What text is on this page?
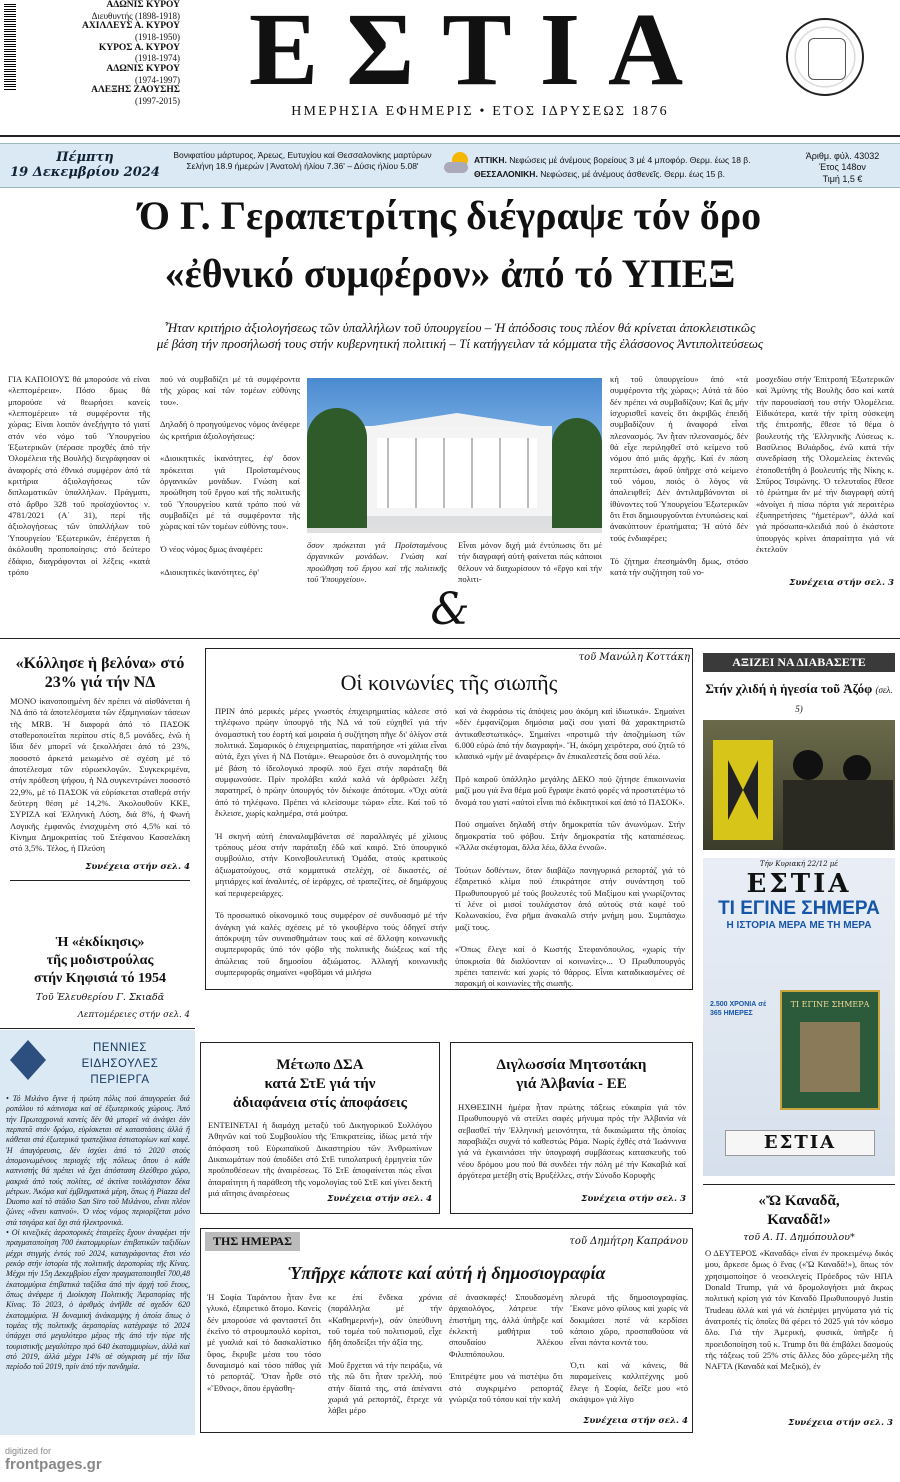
ΑΔΩΝΙΣ ΚΥΡΟΥ
Διευθυντής (1898-1918)
ΑΧΙΛΛΕΥΣ Α. ΚΥΡΟΥ
(1918-1950)
ΚΥΡΟΣ Α. ΚΥΡΟΥ
(1918-1974)
ΑΔΩΝΙΣ ΚΥΡΟΥ
(1974-1997)
ΑΛΕΞΗΣ ΖΑΟΥΣΗΣ
(1997-2015) ΕΣΤΙΑ
ΗΜΕΡΗΣΙΑ ΕΦΗΜΕΡΙΣ • ΕΤΟΣ ΙΔΡΥΣΕΩΣ 1876
Πέμπτη
19 Δεκεμβρίου 2024
Βονιφατίου μάρτυρος, Άρεως, Ευτυχίου καί Θεσσαλονίκης μαρτύρων
Σελήνη 18.9 ήμερών | Άνατολή ήλίου 7.36' – Δύσις ήλίου 5.08'
ΑΤΤΙΚΗ. Νεφώσεις μέ άνέμους βορείους 3 μέ 4 μποφόρ. Θερμ. έως 18 β.
ΘΕΣΣΑΛΟΝΙΚΗ. Νεφώσεις, μέ άνέμους άσθενεῖς. Θερμ. έως 15 β.
Άριθμ. φύλ. 43032
Έτος 148ον
Τιμή 1,5 €
Ό Γ. Γεραπετρίτης διέγραψε τόν ὅρο
«ἐθνικό συμφέρον» ἀπό τό ΥΠΕΞ
Ἦταν κριτήριο ἀξιολογήσεως τῶν ὑπαλλήλων τοῦ ὑπουργείου – Ἡ ἀπόδοσις τους πλέον θά κρίνεται ἀποκλειστικῶς
μέ βάση τήν προσήλωσή τους στήν κυβερνητική πολιτική – Τί κατήγγειλαν τά κόμματα τῆς ἐλάσσονος Ἀντιπολιτεύσεως
ΓΙΑ ΚΑΠΟΙΟΥΣ θά μπορούσε νά είναι «λεπτομέρεια». Πόσο δμως θά μπορούσε νά θεωρήσει κανείς «λεπτομέρεια» τά συμφέροντα τῆς χώρας; Είναι λοιπόν άνεξήγητο τό γιατί στόν νέο νόμο τοῦ Ὑπουργείου Ἐξωτερικῶν (πέρασε προχθές ἀπό τήν Ὀλομέλεια τῆς Βουλῆς) διεγράφησαν οἱ ἀναφορές στό έθνικό συμφέρον ἀπό τά κριτήρια ἀξιολογήσεως τῶν διπλωματικῶν ὑπαλλήλων. Πράγματι, στό ἄρθρο 328 τοῦ προϊσχύοντος ν. 4781/2021 (Α΄ 31), περί τῆς ἀξιολογήσεως τῶν ὑπαλλήλων τοῦ Ὑπουργείου Ἐξωτερικῶν, ἐπέργεται ἡ ἀκόλουθη προποποίησις: στό δεύτερο ἐδάφιο, διαγράφονται οἱ λέξεις «κατά τρόπο
πού νά συμβαδίζει μέ τά συμφέροντα τῆς χώρας καί τῶν τομέων εὐθύνης του».

Δηλαδή ὁ προηγούμενος νόμος ἀνέφερε ὡς κριτήρια ἀξιολογήσεως:

«Διοικητικές ἱκανότητες, ἐφ' ὅσον πρόκειται γιά Προϊσταμένους ὀργανικῶν μονάδων. Γνώση καί προώθηση τοῦ ἔργου καί τῆς πολιτικῆς τοῦ Ὑπουργείου κατά τρόπο πού νά συμβαδίζει μέ τά συμφέροντα τῆς χώρας καί τῶν τομέων εὐθύνης του».

Ὁ νέος νόμος δμως ἀναφέρει:

«Διοικητικές ἱκανότητες, ἐφ'
ὅσον πρόκειται γιά Προϊσταμένους ὀργανικῶν μονάδων. Γνώση καί προώθηση τοῦ ἔργου καί τῆς πολιτικῆς τοῦ Ὑπουργείου».
Εἶναι μόνον διχή μιά ἐντύπωσις ὅτι μέ τήν διαγραφή αὐτή φαίνεται πώς κάποιοι θέλουν νά διαχωρίσουν τό «ἔργο καί τήν πολιτι-
κή τοῦ ὑπουργείου» ἀπό «τά συμφέροντα τῆς χώρας»; Αὐτά τά δύο δέν πρέπει νά συμβαδίζουν; Καί ἄς μήν ἰσχυρισθεῖ κανείς ὅτι ἀκριβῶς ἐπειδή συμβαδίζουν ἡ ἀναφορά εἶναι πλεονασμός. Ἄν ἦταν πλεονασμός, δέν θά εἶχε περιληφθεῖ στό κείμενο τοῦ νόμου ἀπό μιᾶς ἀρχῆς. Καί ἐν πάση περιπτώσει, ἀφοῦ ὑπῆρχε στό κείμενο τοῦ νόμου, ποιός ὁ λόγος νά ἀπαλειφθεῖ; Δέν ἀντιλαμβάνονται οἱ ἰθύνοντες τοῦ Ὑπουργείου Ἐξωτερικῶν ὅτι ἔτσι δημιουργοῦνται ἐντυπώσεις καί ἀνακύπτουν ἐρωτήματα; Ἡ αὐτό δέν τούς ἐνδιαφέρει;

Τό ζήτημα ἐπεσημάνθη δμως, στόσο κατά τήν συζήτηση τοῦ νο-
μοσχεδίου στήν Ἐπιτροπή Ἐξωτερικῶν καί Ἀμύνης τῆς Βουλῆς ὅσο καί κατά τήν παρουσίασή του στήν Ὀλομέλεια. Εἰδικότερα, κατά τήν τρίτη σύσκεψη τῆς ἐπιτροπῆς, ἔθεσε τό θέμα ὁ βουλευτής τῆς Ἑλληνικῆς Λύσεως κ. Βασίλειος Βιλιάρδος, ἐνῶ κατά τήν συνεδρίαση τῆς Ὀλομελείας ἐκτενῶς ἐτοποθετήθη ὁ βουλευτής τῆς Νίκης κ. Σπῦρος Τσιρώνης. Ὁ τελευταῖος ἔθεσε τό ἐρώτημα ἄν μέ τήν διαγραφή αὐτή «ἀνοίγει ἡ πίσω πόρτα γιά περαιτέρω ἐξυπηρετήσεις “ἡμετέρων”, ἀλλά καί γιά πρόσωπα-κλειδιά πού ὁ ἑκάστοτε ὑπουργός κρίνει ἀπαραίτητα γιά νά ἐκτελοῦν
Συνέχεια στήν σελ. 3
&
«Κόλλησε ἡ βελόνα» στό 23% γιά τήν ΝΔ
ΜΟΝΟ ἱκανοποιημένη δέν πρέπει νά αἰσθάνεται ἡ ΝΔ ἀπό τά ἀποτελέσματα τῶν ἐξαμηνιαίων τάσεων τῆς MRB. Ἡ διαφορά ἀπό τό ΠΑΣΟΚ σταθεροποιεῖται περίπου στίς 8,5 μονάδες, ἐνῶ ἡ ἴδια δέν μπορεῖ νά ξεκολλήσει ἀπό τό 23%, ποσοστό ἀρκετά μειωμένο σέ σχέση μέ τό ἀποτέλεσμα τῶν εὐρωεκλογῶν. Συγκεκριμένα, στήν πρόθεση ψήφου, ἡ ΝΔ συγκεντρώνει ποσοστό 22,9%, μέ τό ΠΑΣΟΚ νά εὑρίσκεται σταθερά στήν δεύτερη θέση μέ 14,2%. Ἀκολουθοῦν ΚΚΕ, ΣΥΡΙΖΑ καί Ἑλληνική Λύση, διά 8%, ἡ Φωνή Λογικῆς ἐμφανῶς ἐνισχυμένη στό 4,5% καί τό Κίνημα Δημοκρατίας τοῦ Στέφανου Κασσελάκη στό 3,5%. Τέλος, ἡ Πλεύση
Συνέχεια στήν σελ. 4
Ἡ «ἐκδίκησις»
τῆς μοδιστρούλας
στήν Κηφισιά τό 1954
Τοῦ Ἐλευθερίου Γ. Σκιαδᾶ
Λεπτομέρειες στήν σελ. 4
ΠΕΝΝΙΕΣ
ΕΙΔΗΣΟΥΛΕΣ
ΠΕΡΙΕΡΓΑ
• Τό Μιλάνο ἔγινε ἡ πρώτη πόλις πού ἀπαγορεύει διά ροπάλου τό κάπνισμα καί σέ ἐξωτερικούς χώρους. Ἀπό τήν Πρωτοχρονιά κανείς δέν θά μπορεῖ νά ἀνάψει ἐάν περπατᾶ στόν δρόμο, εὑρίσκεται σέ καταστάσεις ἀλλά ἤ κάθεται στά ἐξωτερικά τραπεζάκια ἑστιατορίων καί καφέ. Ἡ ἀπαγόρευσις, δέν ἰσχύει ἀπό τό 2020 στούς ἀπομονωμένους περιοχές τῆς πόλεως ὅπου ὁ κάθε καπνιστής θά πρέπει νά ἔχει ἀπόσταση ἐλεύθερο χώρο, μακριά ἀπό τούς πολίτες, σέ ἀκτίνα τουλάχιστον δέκα μέτρων. Ἀκόμα καί ἐμβληματικά μέρη, ὅπως ἡ Piazza del Duomo καί τό στάδιο San Siro τοῦ Μιλάνου, εἶναι πλέον ζώνες «ἄνευ καπνού». Ὁ νέος νόμος περιορίζεται μόνο στά τσιγάρα καί ὄχι στά ἠλεκτρονικά.
• Οἱ κινεζικές ἀεροπορικές ἑταιρεῖες ἔχουν ἀναφέρει τήν πραγματοποίηση 700 ἑκατομμυρίων ἐπιβατικῶν ταξιδίων μέχρι στιγμής ἐντός τοῦ 2024, καταγράφοντας ἔτσι νέο ρεκόρ στήν ἱστορία τῆς πολιτικῆς ἀεροπορίας τῆς Κίνας. Μέχρι τήν 15η Δεκεμβρίου εἶχαν πραγματοποιηθεῖ 700,48 ἑκατομμύρια ἐπιβατικά ταξίδια ἀπό τήν ἀρχή τοῦ ἔτους, ὅπως ἀνέφερε ἡ Διοίκηση Πολιτικῆς Ἀεροπορίας τῆς Κίνας. Τό 2023, ὁ ἀριθμός ἀνῆλθε σέ σχεδόν 620 ἑκατομμύρια. Ἡ δυναμική ἀνάκαμψης ἡ ὁποία ὅπως ὁ τομέας τῆς πολιτικῆς ἀεροπορίας κατέγραψε τό 2024 ὑπάρχει στό μεγαλύτερο μέρος τῆς ἀπό τήν τύρε τῆς τουριστικῆς μεγαλύτερο πρό 640 ἑκατομμυρίων, ἀλλά καί στό 2019, ἀλλά μέχρι 14% σέ σύγκριση μέ τήν ἴδια περίοδο τοῦ 2019, πρίν ἀπό τήν πανδημία.
τοῦ Μανώλη Κοττάκη
Οἱ κοινωνίες τῆς σιωπῆς
ΠΡΙΝ ἀπό μερικές μέρες γνωστός ἐπιχειρηματίας κάλεσε στό τηλέφωνο πρώην ὑπουργό τῆς ΝΔ νά τοῦ εὐχηθεῖ γιά τήν ὀνομαστική του ἑορτή καί μοιραία ἡ συζήτηση πῆγε δι' ὀλίγον στά πολιτικά. Σαμαρικός ὁ ἐπιχειρηματίας, παρατήρησε «τί χάλια εἶναι αὐτά, ἔχει γίνει ἡ ΝΔ Ποτάμι». Θεωρούσε ὅτι ὁ συνομιλητής του μέ βάση τό ἰδεολογικό προφίλ πού ἔχει στήν παράταξη θά συμφωνούσε. Πρίν προλάβει καλά καλά νά ἀρθρώσει λέξη παρατηρεῖ, ὁ πρώην ὑπουργός τόν διέκοψε ἀπότομα. «Ὄχι αὐτά ἀπό τό τηλέφωνο. Πρέπει νά κλείσουμε τώρα» εἶπε. Καί τοῦ τό ἔκλεισε, χωρίς καλημέρα, στά μούτρα.

Ἡ σκηνή αὐτή ἐπαναλαμβάνεται σέ παραλλαγές μέ χίλιους τρόπους μέσα στήν παράταξη ἐδῶ καί καιρό. Στό ὑπουργικό συμβούλιο, στήν Κοινοβουλευτική Ὁμάδα, στούς κρατικούς ἀξιωματούχους, στά κομματικά στελέχη, σέ δικαστές, σέ μητιάρχες καί ἀναλυτές, σέ ἱεράρχες, σέ τραπεζίτες, σέ δημάρχους καί περιφερειάρχες.

Τό προσωπικό οἰκονομικό τους συμφέρον σέ συνδυασμό μέ τήν ἀνάγκη γιά καλές σχέσεις μέ τό γκουβέρνο τούς ὁδηγεῖ στήν ἀπόκρυψη τῶν συναισθημάτων τους καί σέ ἄλλοψη κοινωνικῆς συμπεριφορᾶς ὑπό τόν φόβο τῆς πολιτικῆς διώξεως καί τῆς ἀπώλειας τοῦ δημοσίου ἀξιώματος. Ἀλλαγή κοινωνικῆς συμπεριφορᾶς σημαίνει «φοβᾶμαι νά μιλήσω
καί νά ἐκφράσω τίς ἀπόψεις μου ἀκόμη καί ἰδιωτικά». Σημαίνει «δέν ἐμφανίζομαι δημόσια μαζί σου γιατί θά χαρακτηριστῶ ἀντικαθεστωτικός». Σημαίνει «προτιμῶ τήν ἀποζημίωση τῶν 6.000 εὐρώ ἀπό τήν διαγραφή». Ἤ, ἀκόμη χειρότερα, σού ζητῶ τό κλασικό «μήν μέ ἀναφέρεις» ἄν ἐπικαλεστεῖς ὅσα σοῦ λέω.

Πρό καιροῦ ὑπάλληλο μεγάλης ΔΕΚΟ πού ζήτησε ἐπικοινωνία μαζί μου γιά ἕνα θέμα μοῦ ἔγραψε ἑκατό φορές νά προστατέψω τό ὄνομά του γιατί «αὐτοί εἶναι πιό ἐκδικητικοί καί ἀπό τό ΠΑΣΟΚ».

Πού σημαίνει δηλαδή στήν δημοκρατία τῶν ἀνωνύμων. Στήν δημοκρατία τοῦ φόβου. Στήν δημοκρατία τῆς καταπιέσεως. «Ἄλλα σκέφτομαι, ἄλλα λέω, ἄλλα ἐννοῶ».

Τούτων δοθέντων, ὅταν διαβάζω πανηγυρικά ρεπορτάζ γιά τό ἐξαιρετικό κλίμα πού ἐπικράτησε στήν συνάντηση τοῦ Πρωθυπουργοῦ μέ τούς βουλευτές τοῦ Μαξίμου καί γνωρίζοντας τί λένε οἱ μισοί τουλάχιστον ἀπό αὐτούς στά καφέ τοῦ Κολωνακίου, ἕνα ρῆμα ἀνακαλῶ στήν μνήμη μου. Συμπάσχω μαζί τους.

«Ὅπως ἔλεγε καί ὁ Κωστής Στεφανόπουλος, «χωρίς τήν ὑποκρισία θά διαλύονταν οἱ κοινωνίες»... Ὁ Πρωθυπουργός πρέπει ταπεινά: καί χωρίς τό θάρρος. Εἶναι καταδικασμένες σέ παρακμή οἱ κοινωνίες τῆς σιωπῆς.
Μέτωπο ΔΣΑ
κατά ΣτΕ γιά τήν
ἀδιαφάνεια στίς ἀποφάσεις
ΕΝΤΕΙΝΕΤΑΙ ἡ διαμάχη μεταξύ τοῦ Δικηγορικοῦ Συλλόγου Ἀθηνῶν καί τοῦ Συμβουλίου τῆς Ἐπικρατείας, ἰδίως μετά τήν ἀπόφαση τοῦ Εὐρωπαϊκοῦ Δικαστηρίου τῶν Ἀνθρωπίνων Δικαιωμάτων πού ἀποδίδει στό ΣτΕ τυπολατρική ἑρμηνεία τῶν προϋποθέσεων τῆς ἀναιρέσεως. Τό ΣτΕ ἀποφαίνεται πώς εἶναι ἀπαραίτητη ἡ παράθεση τῆς νομολογίας τοῦ ΣτΕ καί γίνει δεκτή μιά αἴτησις ἀναιρέσεως
Συνέχεια στήν σελ. 4
Διγλωσσία Μητσοτάκη
γιά Ἀλβανία - ΕΕ
ΗΧΘΕΣΙΝΗ ἡμέρα ἦταν πρώτης τάξεως εὐκαιρία γιά τόν Πρωθυπουργό νά στείλει σαφές μήνυμα πρός τήν Ἀλβανία νά σεβασθεῖ τήν Ἑλληνική μειονότητα, τά δικαιώματα τῆς ὁποίας παραβιάζει συχνά τό καθεστώς Ράμα. Νωρίς ἐχθές στά Ἰωάννινα γιά νά ἐγκαινιάσει τήν ὑπογραφή συμβάσεως κατασκευῆς τοῦ νέου δρόμου μου πού θά συνδέει τήν πόλη μέ τήν Κακαβιά καί ἀργότερα μετέβη στίς Βρυξέλλες, στήν Σύνοδο Κορυφῆς
Συνέχεια στήν σελ. 3
ΤΗΣ ΗΜΕΡΑΣ	τοῦ Δημήτρη Καπράνου
Ὑπῆρχε κάποτε καί αὐτή ἡ δημοσιογραφία
Ἡ Σοφία Ταράντου ἦταν ἕνα γλυκό, ἐξαιρετικό ἄτομο. Κανείς δέν μπορούσε νά φανταστεῖ ὅτι ἐκεῖνο τό στρουμπουλό κορίτσι, μέ γυαλιά καί τό δασκαλίστικο ὕφος, ἔκρυβε μέσα του τόσο δυναμισμό καί τόσο πάθος γιά τό ρεπορτάζ. Ὅταν ἦρθε στό «Ἔθνος», ὅπου ἐργάσθη-
κε ἐπί ἕνδεκα χρόνια (παράλληλα μέ τήν «Καθημερινή»), σάν ὑπεύθυνη τοῦ τομέα τοῦ πολιτισμοῦ, εἶχε ἤδη ἀποδείξει τήν ἀξία της.

Μοῦ ἔρχεται νά τήν πειράξω, νά τῆς πῶ ὅτι ἦταν τρελλή, πού στήν δίαιτά της, στά ἀπέναντι χωριά γιά ρεπορτάζ, ἔτρεχε νά λάβει μέρο
σέ ἀνασκαφές! Σπουδασμένη ἀρχαιολόγος, λάτρευε τήν ἐπιστήμη της, ἀλλά ὑπῆρξε καί ἐκλεκτή μαθήτρια τοῦ σπουδαίου Ἀλέκου Φιλιππόπουλου.

Ἐπιτρέψτε μου νά πιστέψω ὅτι στό συγκριμένο ρεπορτάζ γνώριζα τοῦ τόπου καί τήν καλή
πλευρά τῆς δημοσιογραφίας. Ἔκανε μόνο φίλους καί χωρίς νά δοκιμάσει ποτέ νά κερδίσει κάποιο χῶρο, προσπαθούσα νά εἶναι πάντα κοντά του.

Ὁ,τι καί νά κάνεις, θά παραμείνεις καλλιτέχνης μοῦ ἔλεγε ἡ Σοφία, δεῖξε μου «τό σκάψιμο» γιά λίγο
Συνέχεια στήν σελ. 4
ΑΞΙΖΕΙ ΝΑ ΔΙΑΒΑΣΕΤΕ
Στήν χλιδή ἡ ἡγεσία τοῦ Ἀζόφ (σελ. 5)
Τήν Κυριακή 22/12 μέ
ΕΣΤΙΑ
ΤΙ ΕΓΙΝΕ ΣΗΜΕΡΑ
Η ΙΣΤΟΡΙΑ ΜΕΡΑ ΜΕ ΤΗ ΜΕΡΑ
2.500 ΧΡΟΝΙΑ σέ 365 ΗΜΕΡΕΣ
ΤΙ ΕΓΙΝΕ ΣΗΜΕΡΑ
ΕΣΤΙΑ
«Ὤ Καναδᾶ,
Καναδᾶ!»
τοῦ Α. Π. Δημόπουλου*
Ο ΔΕΥΤΕΡΟΣ «Καναδᾶς» εἶναι ἐν προκειμένῳ δικός μου, ἄρκεσε δμως ὁ ἕνας («Ὤ Καναδᾶ!»), ὅπως τόν χρησιμοποίησε ὁ νεοεκλεγείς Πρόεδρος τῶν ΗΠΑ Donald Trump, γιά νά δρομολογήσει μιά ἄκρως πολιτική κρίση γιά τόν Καναδό Πρωθυπουργό Justin Trudeau ἀλλά καί γιά νά ἐκπέμψει μηνύματα γιά τίς ἀνατροπές τίς ὁποῖες θά φέρει τό 2025 γιά τόν κόσμο ὅλο. Γιά τήν Ἀμερική, φυσικά, ὑπῆρξε ἡ προειδοποίηση τοῦ κ. Trump ὅτι θά ἐπιβάλει δασμούς τῆς τάξεως τοῦ 25% στίς ἄλλες δύο χῶρες-μέλη τῆς NAFTA (Καναδά καί Μεξικό), ἐν
Συνέχεια στήν σελ. 3
digitized for
frontpages.gr
